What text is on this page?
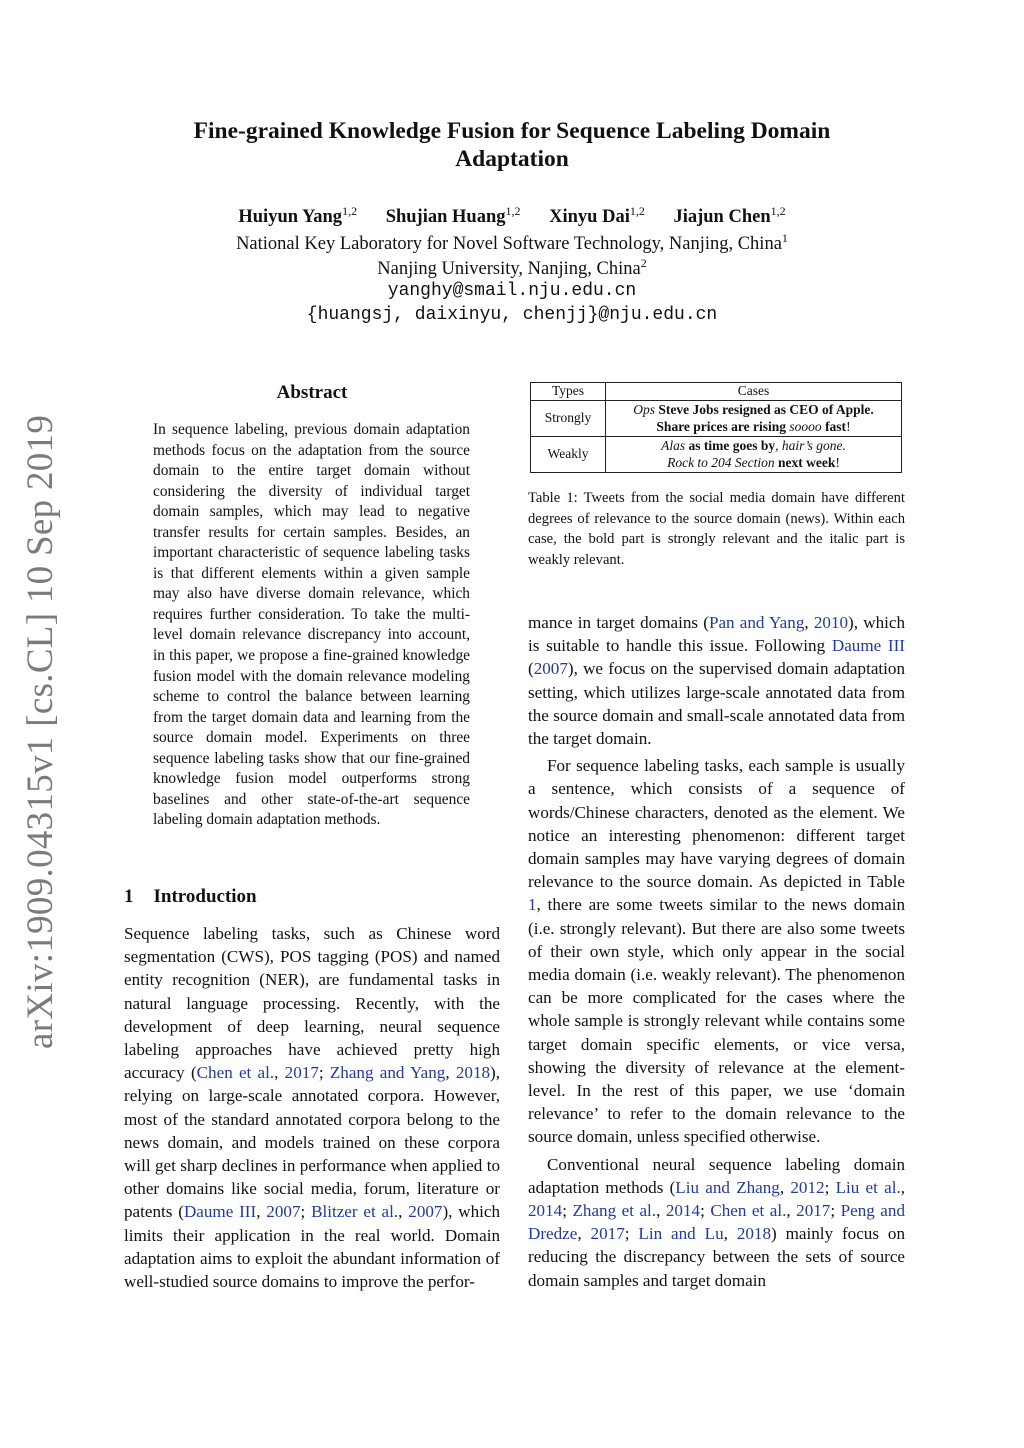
arXiv:1909.04315v1 [cs.CL] 10 Sep 2019
Fine-grained Knowledge Fusion for Sequence Labeling Domain
Adaptation
Huiyun Yang$^{1,2}$ Shujian Huang$^{1,2}$ Xinyu Dai$^{1,2}$ Jiajun Chen$^{1,2}$
National Key Laboratory for Novel Software Technology, Nanjing, China$^1$
Nanjing University, Nanjing, China$^2$
yanghy@smail.nju.edu.cn
{huangsj, daixinyu, chenjj}@nju.edu.cn
Abstract
In sequence labeling, previous domain adaptation methods focus on the adaptation from the source domain to the entire target domain without considering the diversity of individual target domain samples, which may lead to negative transfer results for certain samples. Besides, an important characteristic of sequence labeling tasks is that different elements within a given sample may also have diverse domain relevance, which requires further consideration. To take the multi-level domain relevance discrepancy into account, in this paper, we propose a fine-grained knowledge fusion model with the domain relevance modeling scheme to control the balance between learning from the target domain data and learning from the source domain model. Experiments on three sequence labeling tasks show that our fine-grained knowledge fusion model outperforms strong baselines and other state-of-the-art sequence labeling domain adaptation methods.
1 Introduction

Sequence labeling tasks, such as Chinese word segmentation (CWS), POS tagging (POS) and named entity recognition (NER), are fundamental tasks in natural language processing. Recently, with the development of deep learning, neural sequence labeling approaches have achieved pretty high accuracy (Chen et al., 2017; Zhang and Yang, 2018), relying on large-scale annotated corpora. However, most of the standard annotated corpora belong to the news domain, and models trained on these corpora will get sharp declines in performance when applied to other domains like social media, forum, literature or patents (Daume III, 2007; Blitzer et al., 2007), which limits their application in the real world. Domain adaptation aims to exploit the abundant information of well-studied source domains to improve the perfor-

Types	Cases
Strongly	Ops Steve Jobs resigned as CEO of Apple.
Share prices are rising soooo fast!

Weakly	Alas as time goes by, hair’s gone.
Rock to 204 Section next week!
Table 1: Tweets from the social media domain have different degrees of relevance to the source domain (news). Within each case, the bold part is strongly relevant and the italic part is weakly relevant.

mance in target domains (Pan and Yang, 2010), which is suitable to handle this issue. Following Daume III (2007), we focus on the supervised domain adaptation setting, which utilizes large-scale annotated data from the source domain and small-scale annotated data from the target domain.

For sequence labeling tasks, each sample is usually a sentence, which consists of a sequence of words/Chinese characters, denoted as the element. We notice an interesting phenomenon: different target domain samples may have varying degrees of domain relevance to the source domain. As depicted in Table 1, there are some tweets similar to the news domain (i.e. strongly relevant). But there are also some tweets of their own style, which only appear in the social media domain (i.e. weakly relevant). The phenomenon can be more complicated for the cases where the whole sample is strongly relevant while contains some target domain specific elements, or vice versa, showing the diversity of relevance at the element-level. In the rest of this paper, we use ‘domain relevance’ to refer to the domain relevance to the source domain, unless specified otherwise.

Conventional neural sequence labeling domain adaptation methods (Liu and Zhang, 2012; Liu et al., 2014; Zhang et al., 2014; Chen et al., 2017; Peng and Dredze, 2017; Lin and Lu, 2018) mainly focus on reducing the discrepancy between the sets of source domain samples and target domain
